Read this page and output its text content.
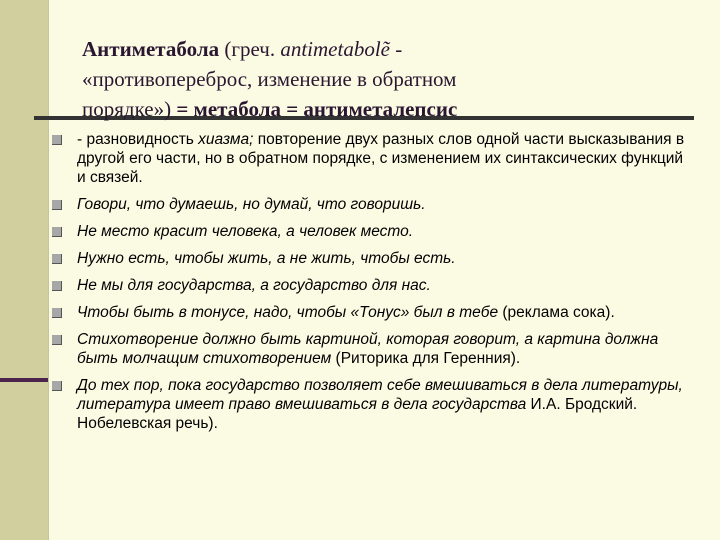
Антиметабола (греч. antimetabolẽ -
«противопереброс, изменение в обратном
порядке») = метабола = антиметалепсис
- разновидность хиазма; повторение двух разных слов одной части высказывания в другой его части, но в обратном порядке, с изменением их синтаксических функций и связей.
Говори, что думаешь, но думай, что говоришь.
Не место красит человека, а человек место.
Нужно есть, чтобы жить, а не жить, чтобы есть.
Не мы для государства, а государство для нас.
Чтобы быть в тонусе, надо, чтобы «Тонус» был в тебе (реклама сока).
Стихотворение должно быть картиной, которая говорит, а картина должна быть молчащим стихотворением (Риторика для Геренния).
До тех пор, пока государство позволяет себе вмешиваться в дела литературы, литература имеет право вмешиваться в дела государства И.А. Бродский. Нобелевская речь).
